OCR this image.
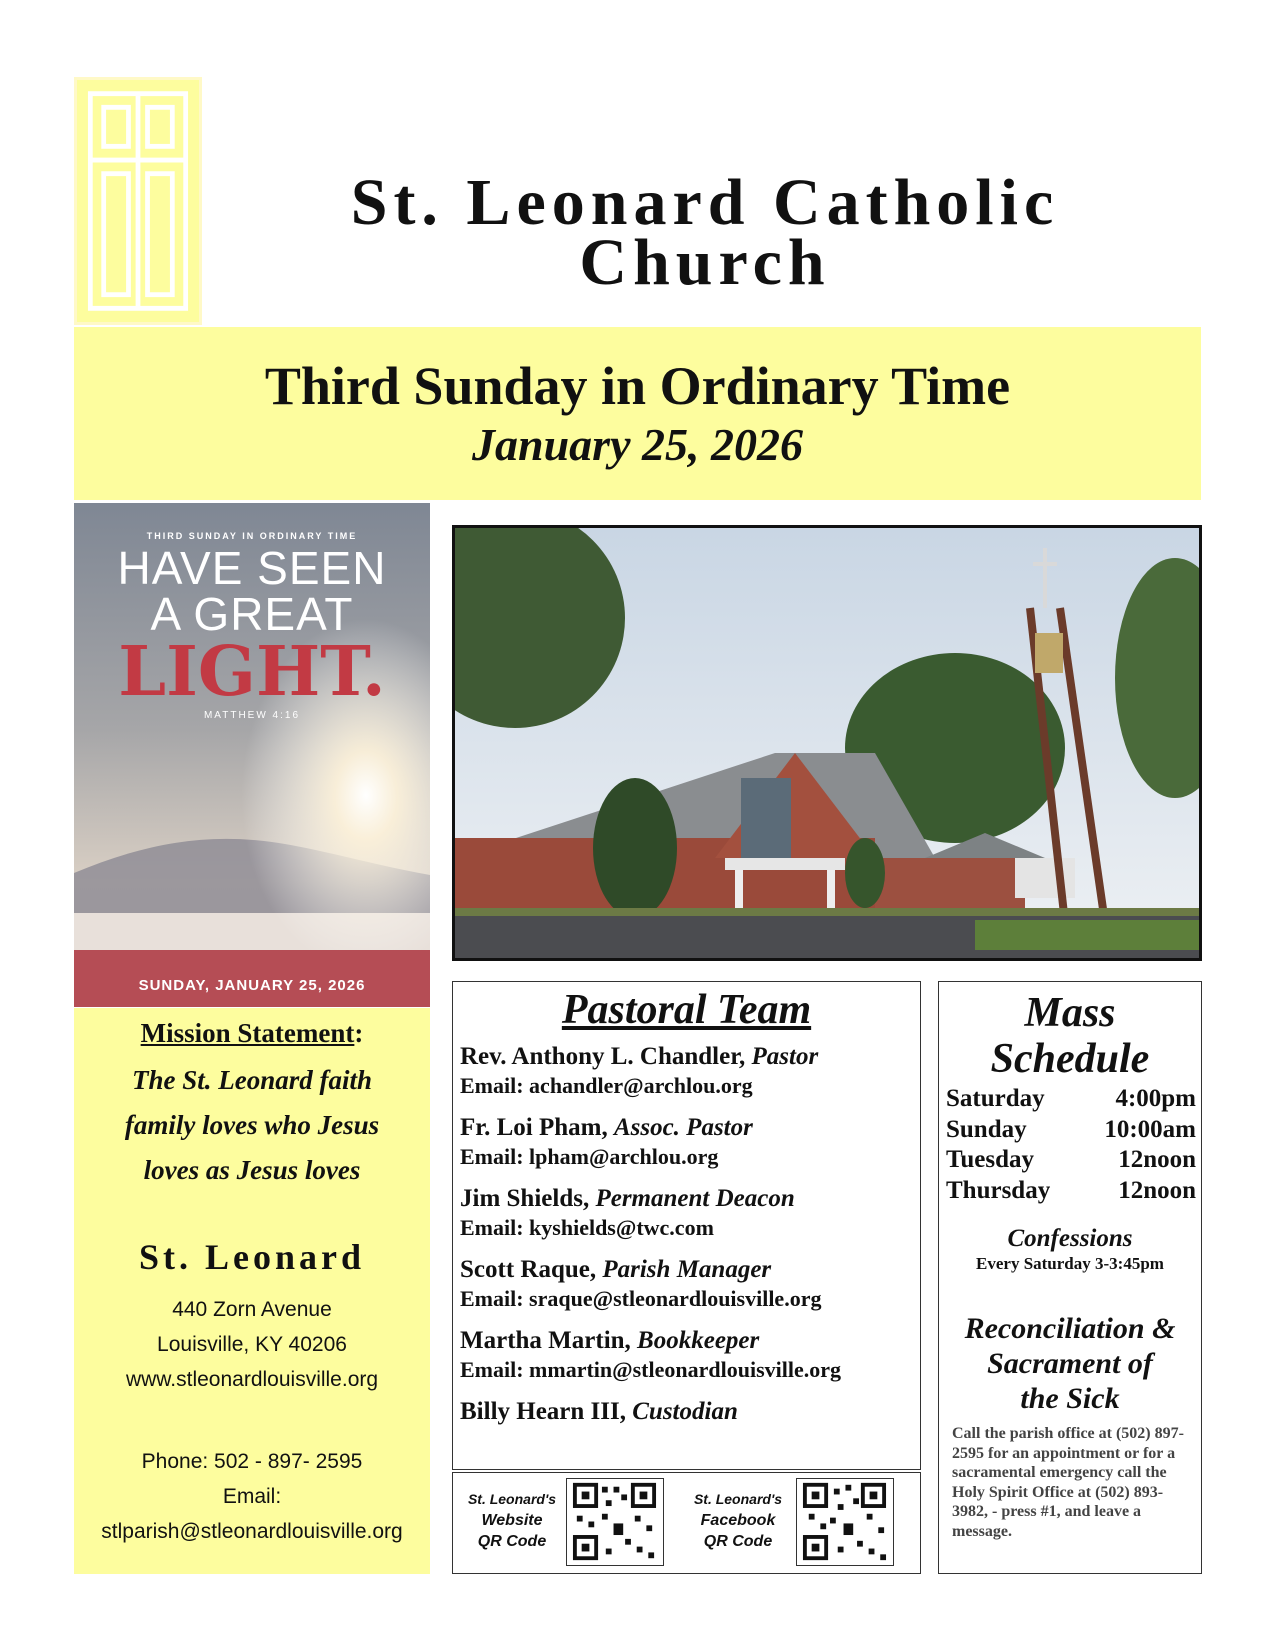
St. Leonard Catholic
Church
Third Sunday in Ordinary Time
January 25, 2026
THIRD SUNDAY IN ORDINARY TIME
HAVE SEEN
A GREAT
LIGHT.
MATTHEW 4:16
SUNDAY, JANUARY 25, 2026
Mission Statement:
The St. Leonard faith
family loves who Jesus
loves as Jesus loves
St. Leonard
440 Zorn Avenue
Louisville, KY 40206
www.stleonardlouisville.org
Phone: 502 - 897- 2595
Email:
stlparish@stleonardlouisville.org
Pastoral Team
Rev. Anthony L. Chandler, Pastor
Email: achandler@archlou.org
Fr. Loi Pham, Assoc. Pastor
Email: lpham@archlou.org
Jim Shields, Permanent Deacon
Email: kyshields@twc.com
Scott Raque, Parish Manager
Email: sraque@stleonardlouisville.org
Martha Martin, Bookkeeper
Email: mmartin@stleonardlouisville.org
Billy Hearn III, Custodian
St. Leonard's
Website
QR Code
St. Leonard's
Facebook
QR Code
Mass
Schedule
Saturday	4:00pm
Sunday	10:00am
Tuesday	12noon
Thursday	12noon
Confessions
Every Saturday 3-3:45pm
Reconciliation &
Sacrament of
the Sick
Call the parish office at (502) 897-2595 for an appointment or for a sacramental emergency call the Holy Spirit Office at (502) 893-3982, - press #1, and leave a message.
